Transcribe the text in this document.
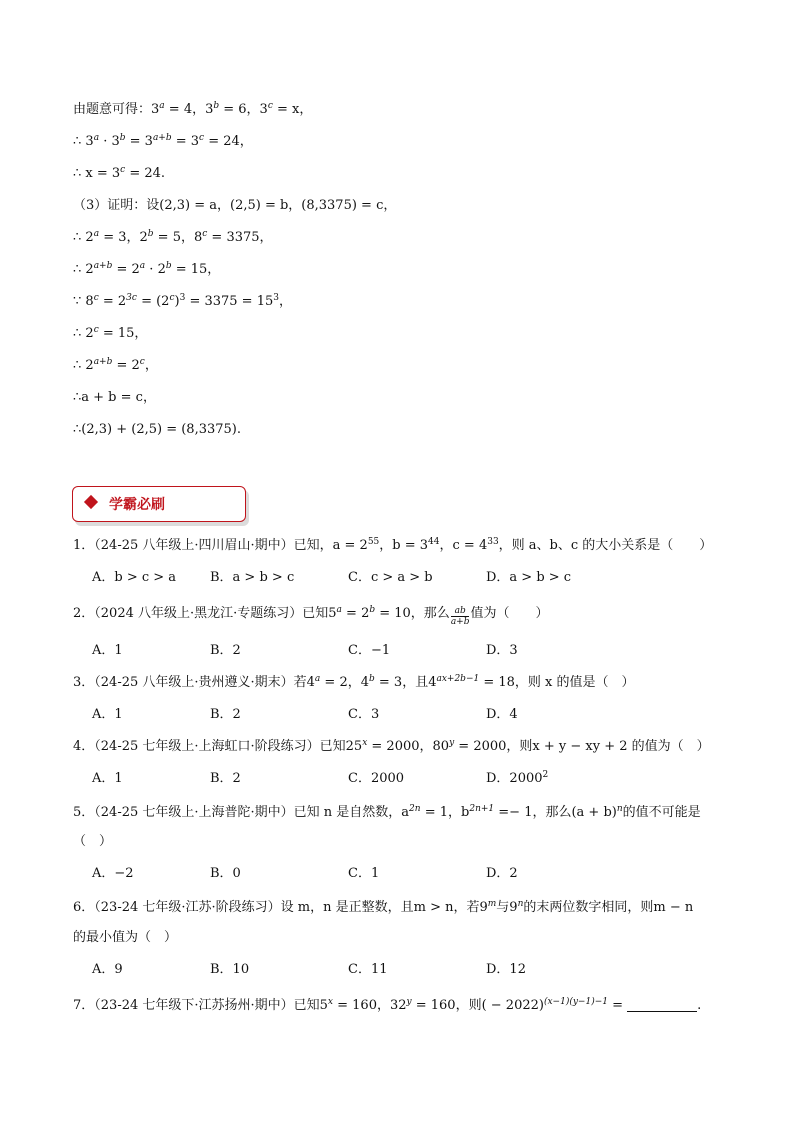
由题意可得：$3^a = 4$，$3^b = 6$，$3^c = x$，
∴ $3^a \cdot 3^b = 3^{a+b} = 3^c = 24$，
∴ $x = 3^c = 24$.
（3）证明：设(2,3) = a，(2,5) = b，(8,3375) = c，
∴ $2^a = 3$，$2^b = 5$，$8^c = 3375$，
∴ $2^{a+b} = 2^a \cdot 2^b = 15$，
∵ $8^c = 2^{3c} = (2^c)^3 = 3375 = 15^3$，
∴ $2^c = 15$，
∴ $2^{a+b} = 2^c$，
∴a + b = c，
∴(2,3) + (2,5) = (8,3375).
学霸必刷
1．（24-25 八年级上·四川眉山·期中）已知，$a = 2^{55}$，$b = 3^{44}$，$c = 4^{33}$，则 a、b、c 的大小关系是（　　）
A．b > c > a	B．a > b > c	C．c > a > b	D．a > b > c
2．（2024 八年级上·黑龙江·专题练习）已知$5^a = 2^b = 10$，那么 $\frac{ab}{a+b}$ 值为（　　）
A．1	B．2	C．−1	D．3
3．（24-25 八年级上·贵州遵义·期末）若$4^a = 2$，$4^b = 3$，且$4^{ax+2b-1} = 18$，则 x 的值是（　）
A．1	B．2	C．3	D．4
4．（24-25 七年级上·上海虹口·阶段练习）已知$25^x = 2000$，$80^y = 2000$，则x + y − xy + 2 的值为（　）
A．1	B．2	C．2000	D．2000$^2$
5．（24-25 七年级上·上海普陀·期中）已知 n 是自然数，$a^{2n} = 1$，$b^{2n+1} =- 1$，那么$(a + b)^n$的值不可能是
（　）
A．−2	B．0	C．1	D．2
6．（23-24 七年级·江苏·阶段练习）设 m，n 是正整数，且m > n，若9$^m$与9$^n$的末两位数字相同，则m − n
的最小值为（　）
A．9	B．10	C．11	D．12
7．（23-24 七年级下·江苏扬州·期中）已知$5^x = 160$，$32^y = 160$，则( − 2022)$^{(x-1)(y-1)-1}$ =	.
